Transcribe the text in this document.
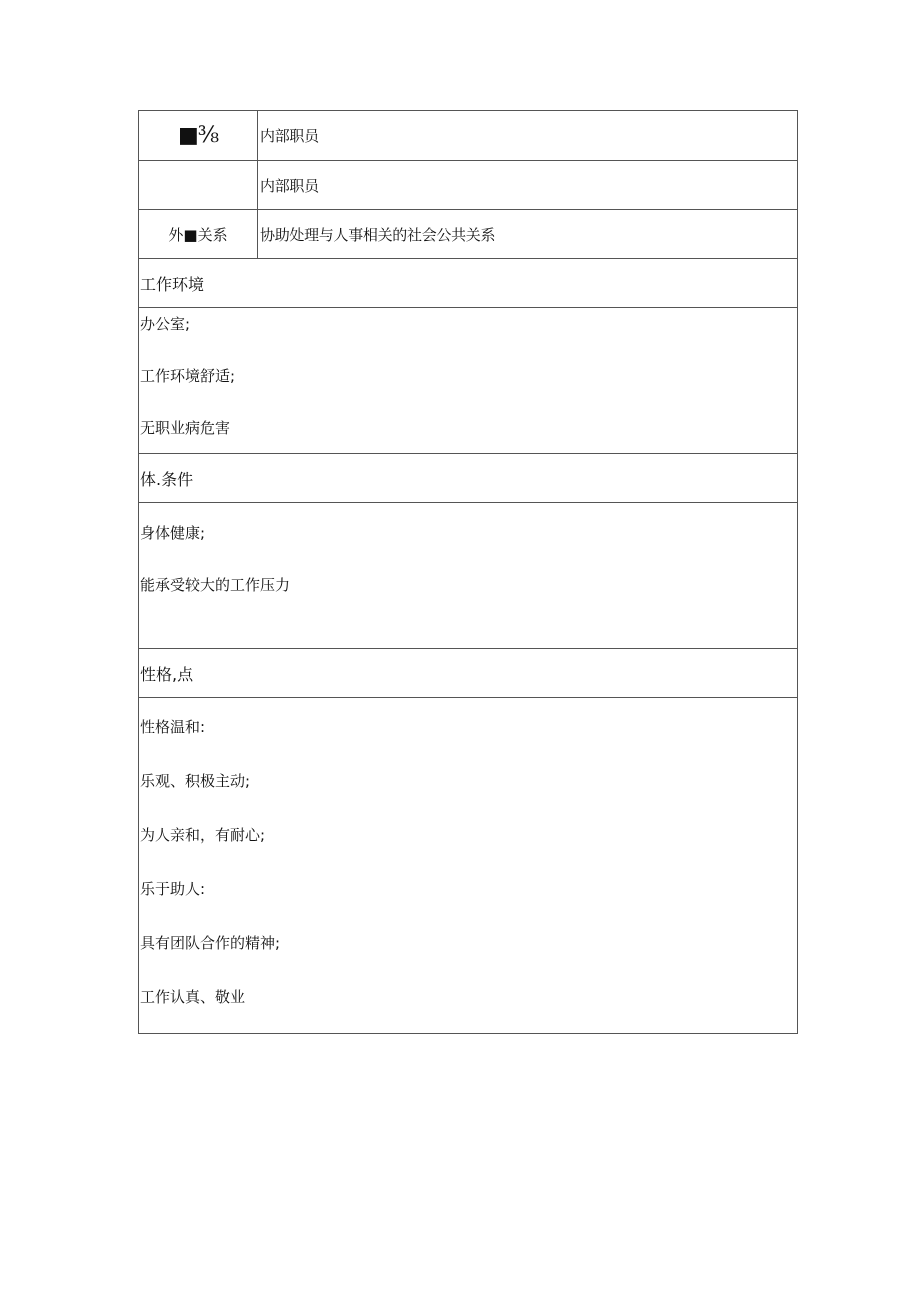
■⅜	内部职员
内部职员
外■关系	协助处理与人事相关的社会公共关系
工作环境
办公室;
工作环境舒适;
无职业病危害
体.条件
身体健康;
能承受较大的工作压力
性格,点
性格温和:
乐观、积极主动;
为人亲和，有耐心;
乐于助人:
具有团队合作的精神;
工作认真、敬业
